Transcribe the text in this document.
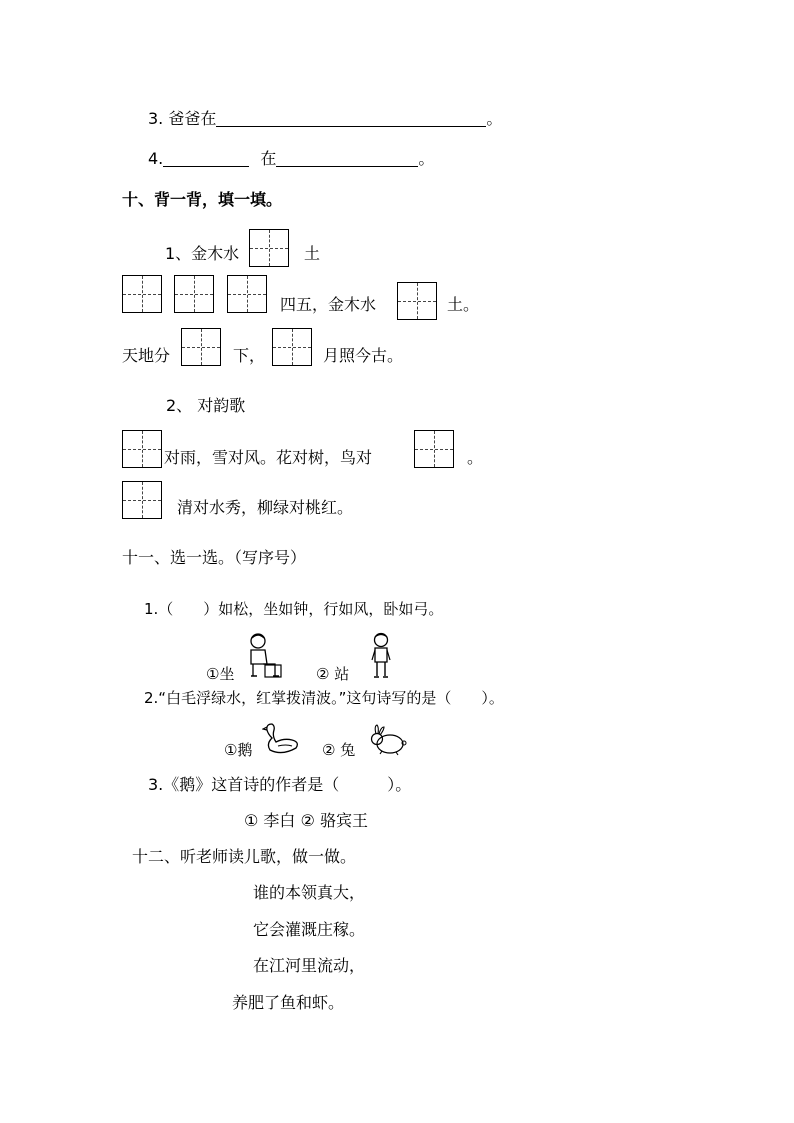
3. 爸爸在	。
4.	在	。
十、背一背，填一填。
1、金木水	土
四五，金木水	土。
天地分	下，	月照今古。
2、 对韵歌
对雨，雪对风。花对树，鸟对	。
清对水秀，柳绿对桃红。
十一、选一选。（写序号）
1.（　　）如松，坐如钟，行如风，卧如弓。
①坐	② 站
2.“白毛浮绿水，红掌拨清波。”这句诗写的是（　　）。
①鹅	② 兔
3.《鹅》这首诗的作者是（　　　）。
① 李白 ② 骆宾王
十二、听老师读儿歌，做一做。
谁的本领真大，
它会灌溉庄稼。
在江河里流动，
养肥了鱼和虾。
